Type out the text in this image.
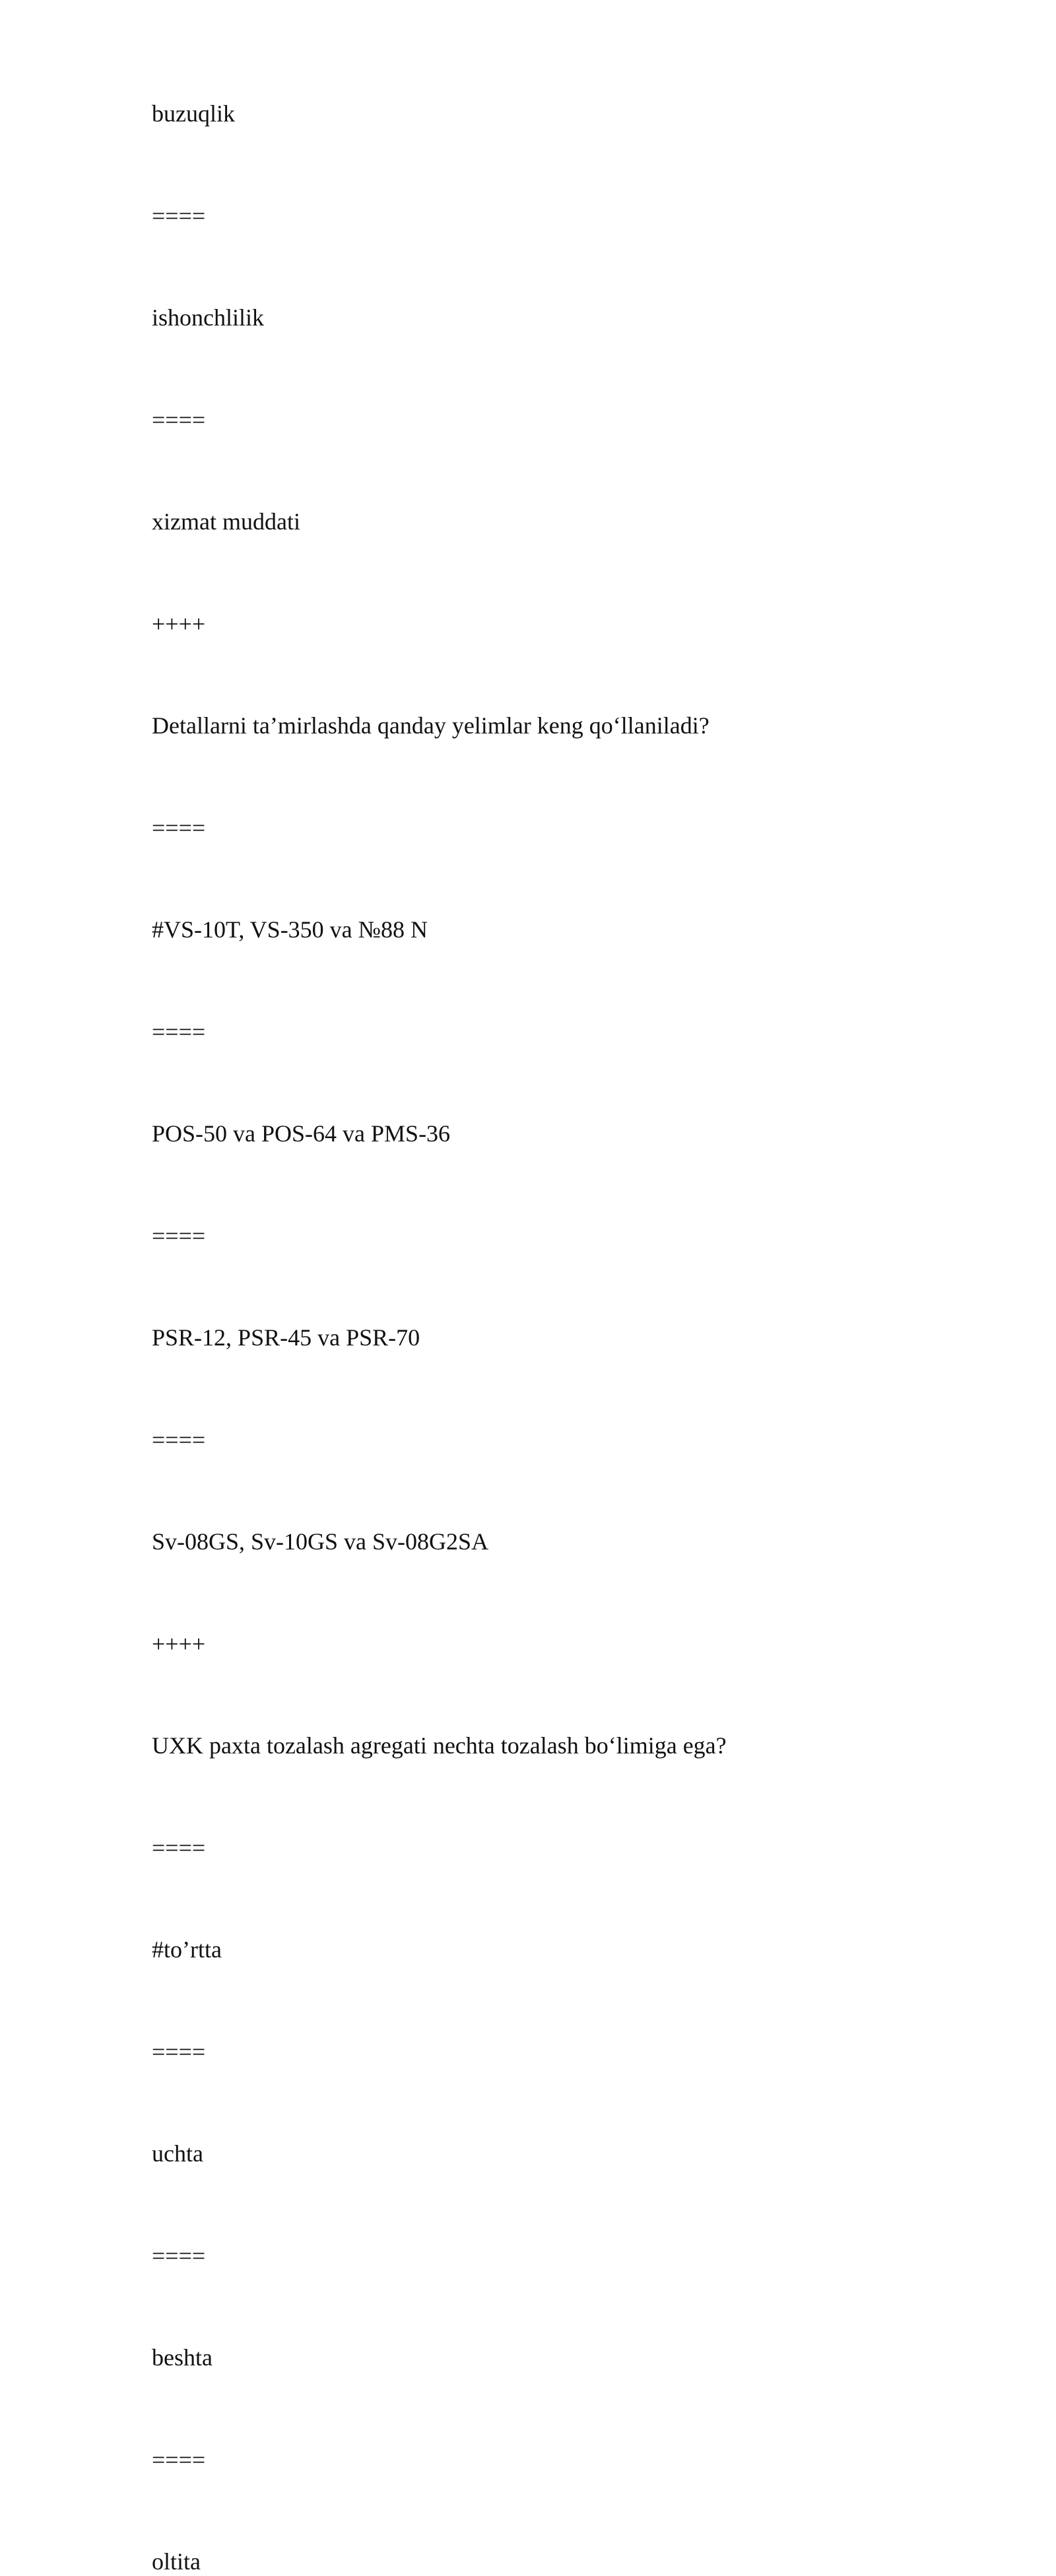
buzuqlik

====

ishonchlilik

====

xizmat muddati

++++

Detallarni ta’mirlashda qanday yelimlar keng qo‘llaniladi?

====

#VS-10T, VS-350 va №88 N

====

POS-50 va POS-64 va PMS-36

====

PSR-12, PSR-45 va PSR-70

====

Sv-08GS, Sv-10GS va Sv-08G2SA

++++

UXK paxta tozalash agregati nechta tozalash bo‘limiga ega?

====

#to’rtta

====

uchta

====

beshta

====

oltita
